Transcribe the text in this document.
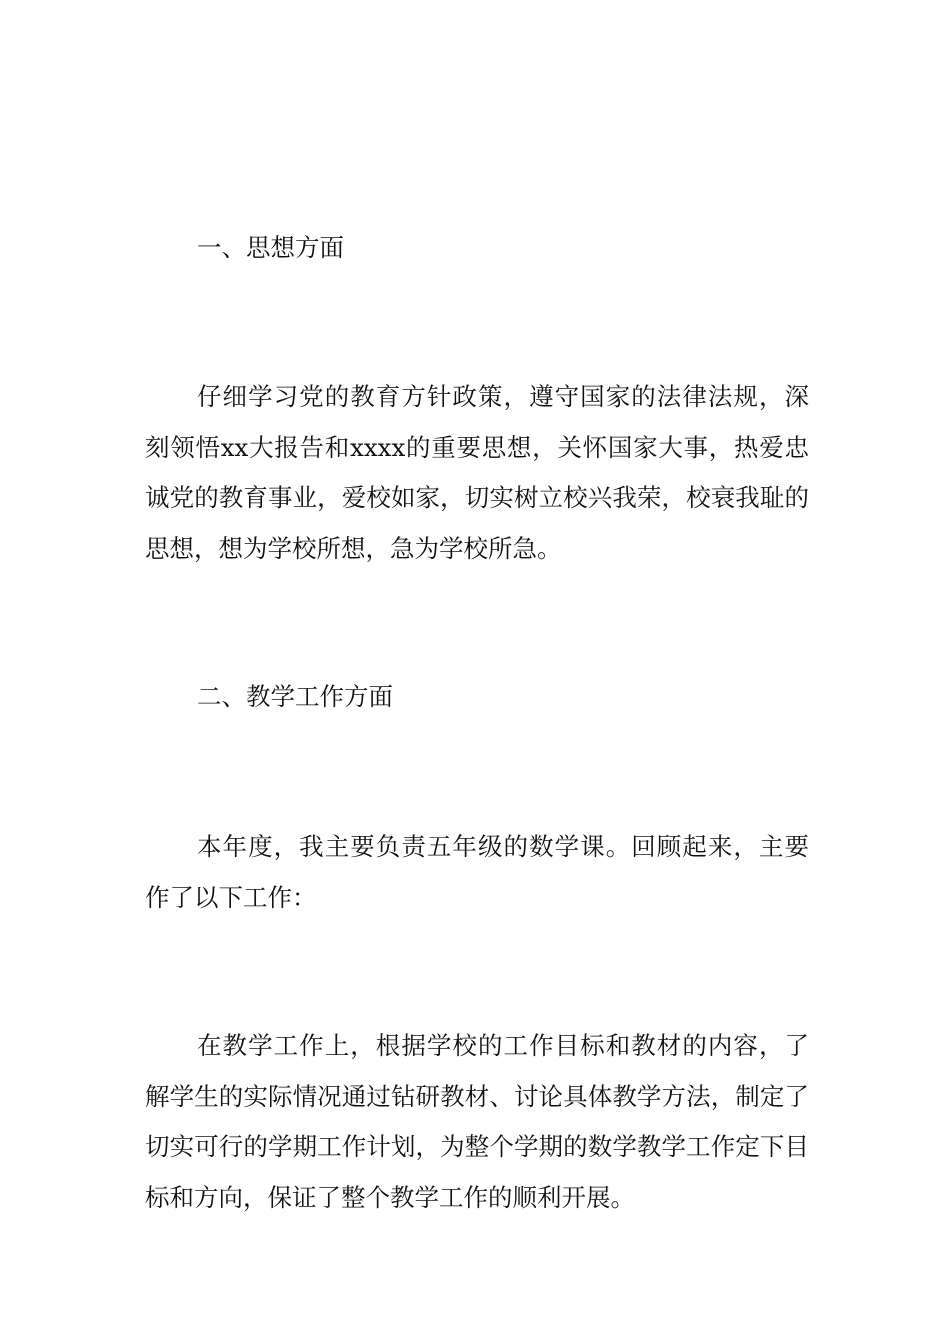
一、思想方面

仔细学习党的教育方针政策，遵守国家的法律法规，深刻领悟xx大报告和xxxx的重要思想，关怀国家大事，热爱忠诚党的教育事业，爱校如家，切实树立校兴我荣，校衰我耻的思想，想为学校所想，急为学校所急。

二、教学工作方面

本年度，我主要负责五年级的数学课。回顾起来，主要作了以下工作：

在教学工作上，根据学校的工作目标和教材的内容，了解学生的实际情况通过钻研教材、讨论具体教学方法，制定了切实可行的学期工作计划，为整个学期的数学教学工作定下目标和方向，保证了整个教学工作的顺利开展。
